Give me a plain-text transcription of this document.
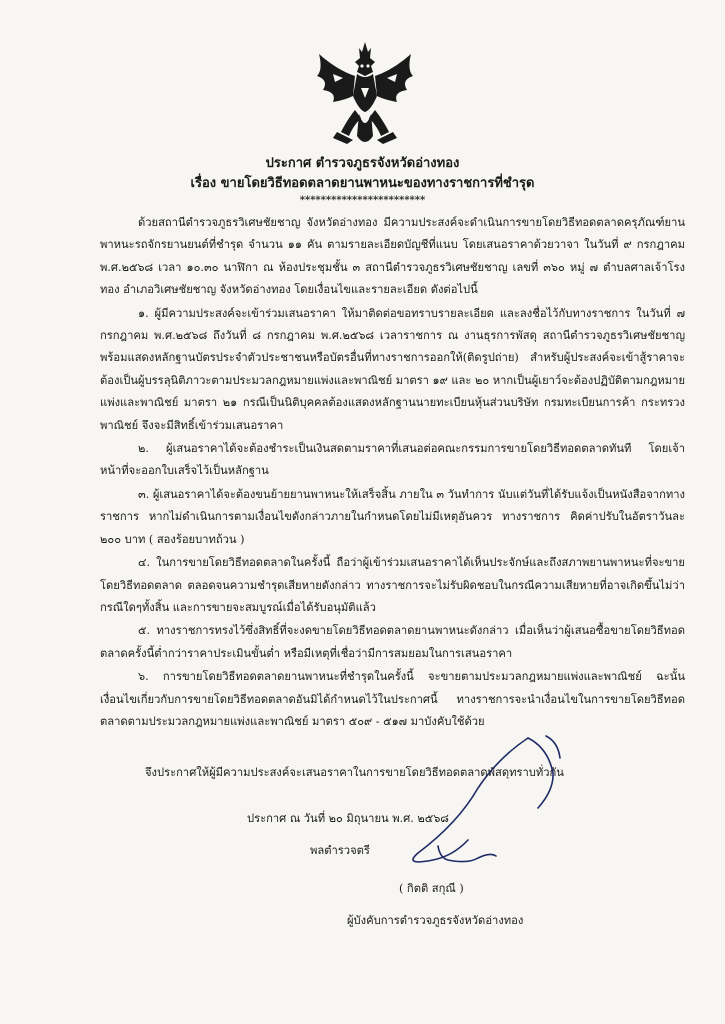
ประกาศ ตำรวจภูธรจังหวัดอ่างทอง
เรื่อง ขายโดยวิธีทอดตลาดยานพาหนะของทางราชการที่ชำรุด
************************

ด้วยสถานีตำรวจภูธรวิเศษชัยชาญ จังหวัดอ่างทอง มีความประสงค์จะดำเนินการขายโดยวิธีทอดตลาดครุภัณฑ์ยานพาหนะรถจักรยานยนต์ที่ชำรุด จำนวน ๑๑ คัน ตามรายละเอียดบัญชีที่แนบ โดยเสนอราคาด้วยวาจา ในวันที่ ๙ กรกฎาคม พ.ศ.๒๕๖๘ เวลา ๑๐.๓๐ นาฬิกา ณ ห้องประชุมชั้น ๓ สถานีตำรวจภูธรวิเศษชัยชาญ เลขที่ ๓๖๐ หมู่ ๗ ตำบลศาลเจ้าโรงทอง อำเภอวิเศษชัยชาญ จังหวัดอ่างทอง โดยเงื่อนไขและรายละเอียด ดังต่อไปนี้

๑. ผู้มีความประสงค์จะเข้าร่วมเสนอราคา ให้มาติดต่อขอทราบรายละเอียด และลงชื่อไว้กับทางราชการ ในวันที่ ๗ กรกฎาคม พ.ศ.๒๕๖๘ ถึงวันที่ ๘ กรกฎาคม พ.ศ.๒๕๖๘ เวลาราชการ ณ งานธุรการพัสดุ สถานีตำรวจภูธรวิเศษชัยชาญ พร้อมแสดงหลักฐานบัตรประจำตัวประชาชนหรือบัตรอื่นที่ทางราชการออกให้(ติดรูปถ่าย) สำหรับผู้ประสงค์จะเข้าสู้ราคาจะต้องเป็นผู้บรรลุนิติภาวะตามประมวลกฎหมายแพ่งและพาณิชย์ มาตรา ๑๙ และ ๒๐ หากเป็นผู้เยาว์จะต้องปฏิบัติตามกฎหมายแพ่งและพาณิชย์ มาตรา ๒๑ กรณีเป็นนิติบุคคลต้องแสดงหลักฐานนายทะเบียนหุ้นส่วนบริษัท กรมทะเบียนการค้า กระทรวงพาณิชย์ จึงจะมีสิทธิ์เข้าร่วมเสนอราคา

๒. ผู้เสนอราคาได้จะต้องชำระเป็นเงินสดตามราคาที่เสนอต่อคณะกรรมการขายโดยวิธีทอดตลาดทันที โดยเจ้าหน้าที่จะออกใบเสร็จไว้เป็นหลักฐาน

๓. ผู้เสนอราคาได้จะต้องขนย้ายยานพาหนะให้เสร็จสิ้น ภายใน ๓ วันทำการ นับแต่วันที่ได้รับแจ้งเป็นหนังสือจากทางราชการ หากไม่ดำเนินการตามเงื่อนไขดังกล่าวภายในกำหนดโดยไม่มีเหตุอันควร ทางราชการ คิดค่าปรับในอัตราวันละ ๒๐๐ บาท ( สองร้อยบาทถ้วน )

๔. ในการขายโดยวิธีทอดตลาดในครั้งนี้ ถือว่าผู้เข้าร่วมเสนอราคาได้เห็นประจักษ์และถึงสภาพยานพาหนะที่จะขายโดยวิธีทอดตลาด ตลอดจนความชำรุดเสียหายดังกล่าว ทางราชการจะไม่รับผิดชอบในกรณีความเสียหายที่อาจเกิดขึ้นไม่ว่ากรณีใดๆทั้งสิ้น และการขายจะสมบูรณ์เมื่อได้รับอนุมัติแล้ว

๕. ทางราชการทรงไว้ซึ่งสิทธิ์ที่จะงดขายโดยวิธีทอดตลาดยานพาหนะดังกล่าว เมื่อเห็นว่าผู้เสนอซื้อขายโดยวิธีทอดตลาดครั้งนี้ต่ำกว่าราคาประเมินขั้นต่ำ หรือมีเหตุที่เชื่อว่ามีการสมยอมในการเสนอราคา

๖. การขายโดยวิธีทอดตลาดยานพาหนะที่ชำรุดในครั้งนี้ จะขายตามประมวลกฎหมายแพ่งและพาณิชย์ ฉะนั้นเงื่อนไขเกี่ยวกับการขายโดยวิธีทอดตลาดอันมิได้กำหนดไว้ในประกาศนี้ ทางราชการจะนำเงื่อนไขในการขายโดยวิธีทอดตลาดตามประมวลกฎหมายแพ่งและพาณิชย์ มาตรา ๕๐๙ - ๕๑๗ มาบังคับใช้ด้วย

จึงประกาศให้ผู้มีความประสงค์จะเสนอราคาในการขายโดยวิธีทอดตลาดพัสดุทราบทั่วกัน
ประกาศ ณ วันที่ ๒๐ มิถุนายน พ.ศ. ๒๕๖๘
พลตำรวจตรี
( กิตติ สกุณี )
ผู้บังคับการตำรวจภูธรจังหวัดอ่างทอง
